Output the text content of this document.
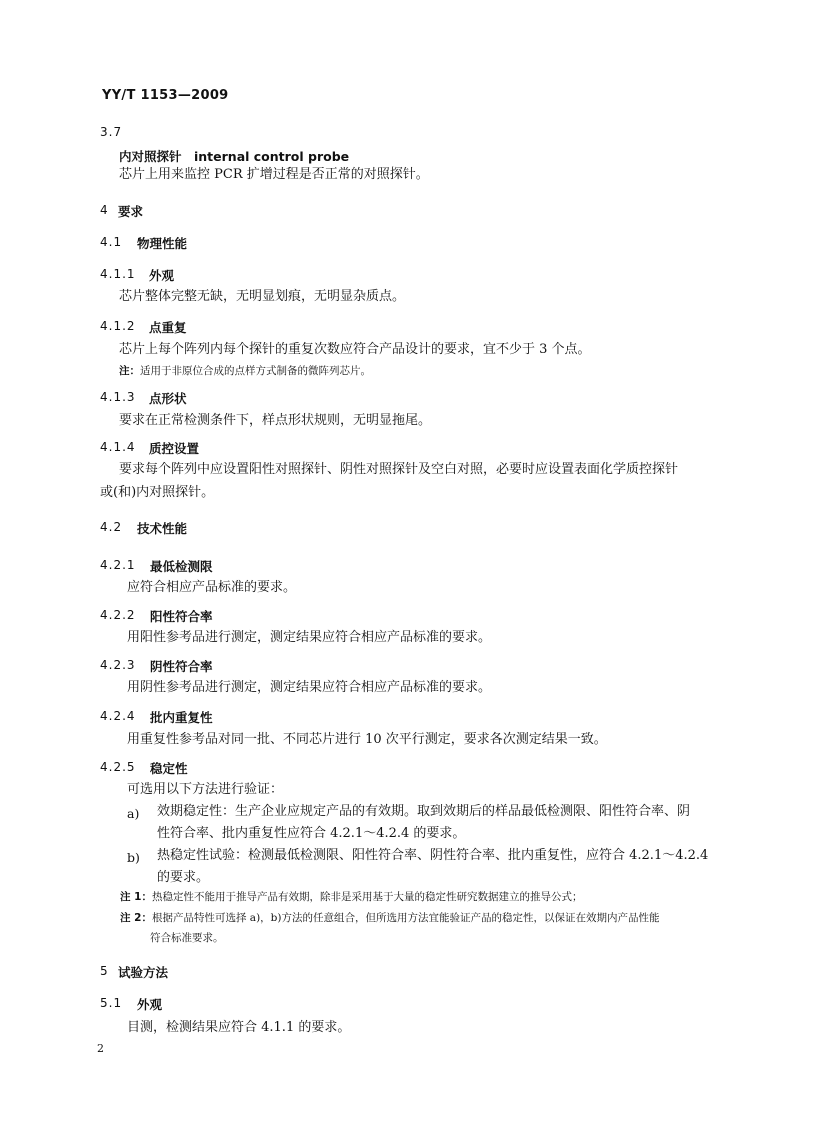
YY/T 1153—2009
3.7
内对照探针　internal control probe
芯片上用来监控 PCR 扩增过程是否正常的对照探针。
4 要求
4.1 物理性能
4.1.1 外观
芯片整体完整无缺，无明显划痕，无明显杂质点。
4.1.2 点重复
芯片上每个阵列内每个探针的重复次数应符合产品设计的要求，宜不少于 3 个点。
注：适用于非原位合成的点样方式制备的微阵列芯片。
4.1.3 点形状
要求在正常检测条件下，样点形状规则，无明显拖尾。
4.1.4 质控设置
要求每个阵列中应设置阳性对照探针、阴性对照探针及空白对照，必要时应设置表面化学质控探针
或(和)内对照探针。
4.2 技术性能
4.2.1 最低检测限
应符合相应产品标准的要求。
4.2.2 阳性符合率
用阳性参考品进行测定，测定结果应符合相应产品标准的要求。
4.2.3 阴性符合率
用阴性参考品进行测定，测定结果应符合相应产品标准的要求。
4.2.4 批内重复性
用重复性参考品对同一批、不同芯片进行 10 次平行测定，要求各次测定结果一致。
4.2.5 稳定性
可选用以下方法进行验证：
a) 效期稳定性：生产企业应规定产品的有效期。取到效期后的样品最低检测限、阳性符合率、阴
性符合率、批内重复性应符合 4.2.1～4.2.4 的要求。
b) 热稳定性试验：检测最低检测限、阳性符合率、阴性符合率、批内重复性，应符合 4.2.1～4.2.4
的要求。
注 1：热稳定性不能用于推导产品有效期，除非是采用基于大量的稳定性研究数据建立的推导公式；
注 2：根据产品特性可选择 a)，b)方法的任意组合，但所选用方法宜能验证产品的稳定性，以保证在效期内产品性能
符合标准要求。
5 试验方法
5.1 外观
目测，检测结果应符合 4.1.1 的要求。
2
